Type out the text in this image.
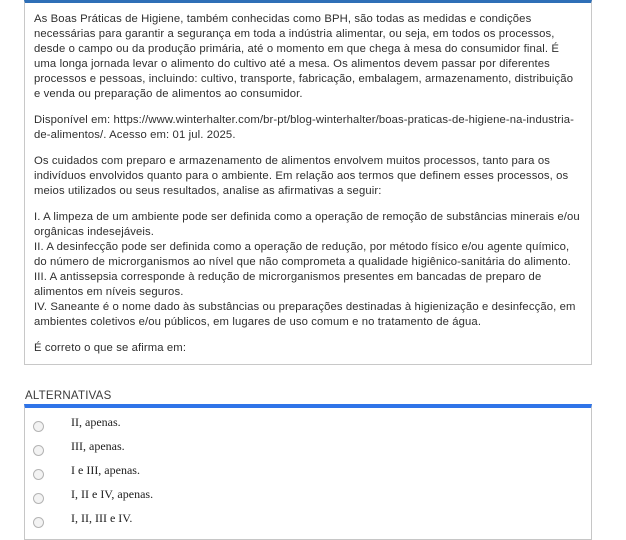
As Boas Práticas de Higiene, também conhecidas como BPH, são todas as medidas e condições necessárias para garantir a segurança em toda a indústria alimentar, ou seja, em todos os processos, desde o campo ou da produção primária, até o momento em que chega à mesa do consumidor final. É uma longa jornada levar o alimento do cultivo até a mesa. Os alimentos devem passar por diferentes processos e pessoas, incluindo: cultivo, transporte, fabricação, embalagem, armazenamento, distribuição e venda ou preparação de alimentos ao consumidor.

Disponível em: https://www.winterhalter.com/br-pt/blog-winterhalter/boas-praticas-de-higiene-na-industria-de-alimentos/. Acesso em: 01 jul. 2025.

Os cuidados com preparo e armazenamento de alimentos envolvem muitos processos, tanto para os indivíduos envolvidos quanto para o ambiente. Em relação aos termos que definem esses processos, os meios utilizados ou seus resultados, analise as afirmativas a seguir:

I. A limpeza de um ambiente pode ser definida como a operação de remoção de substâncias minerais e/ou orgânicas indesejáveis.

II. A desinfecção pode ser definida como a operação de redução, por método físico e/ou agente químico, do número de microrganismos ao nível que não comprometa a qualidade higiênico-sanitária do alimento.

III. A antissepsia corresponde à redução de microrganismos presentes em bancadas de preparo de alimentos em níveis seguros.

IV. Saneante é o nome dado às substâncias ou preparações destinadas à higienização e desinfecção, em ambientes coletivos e/ou públicos, em lugares de uso comum e no tratamento de água.

É correto o que se afirma em:

ALTERNATIVAS
II, apenas.
III, apenas.
I e III, apenas.
I, II e IV, apenas.
I, II, III e IV.
